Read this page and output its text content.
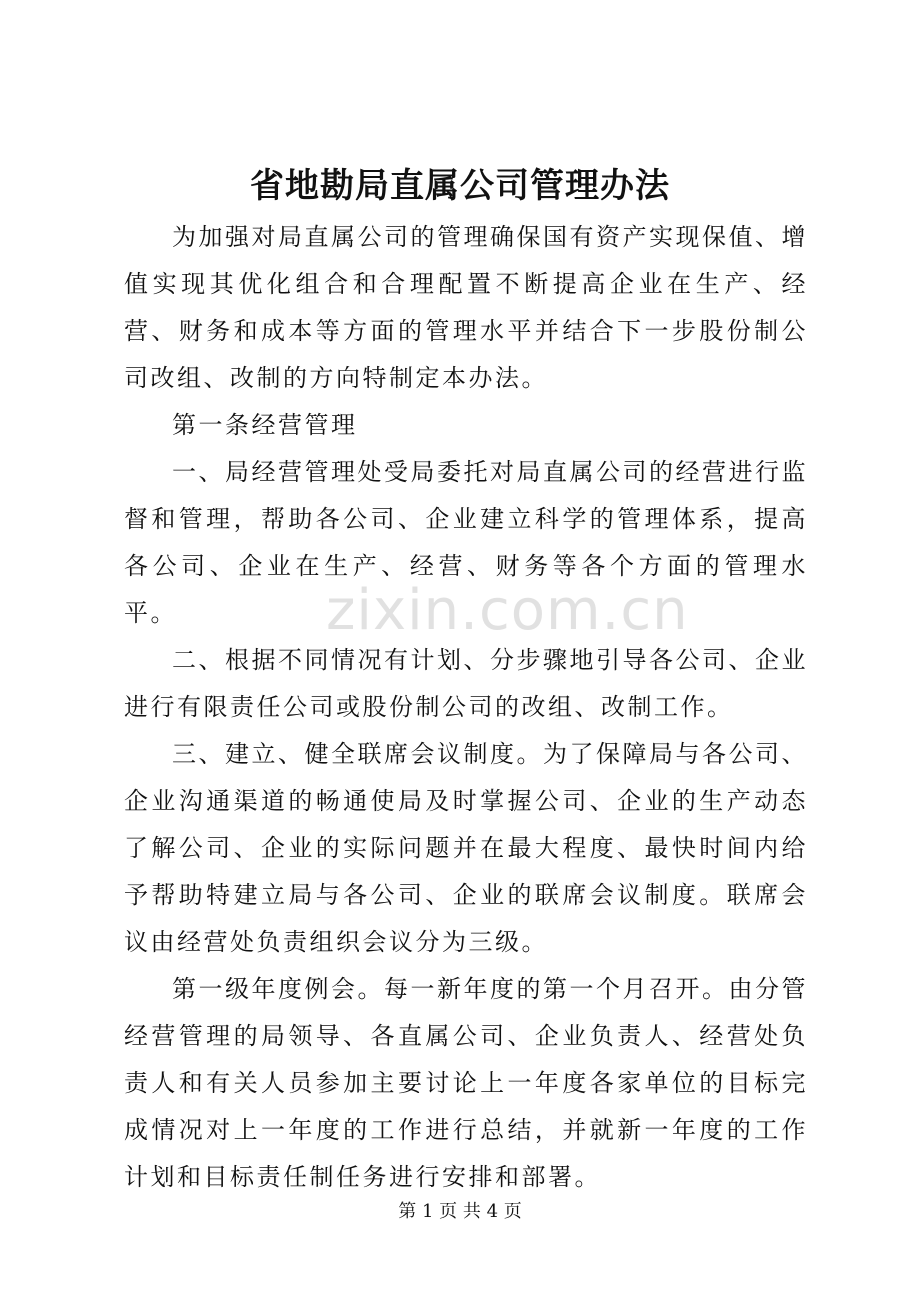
省地勘局直属公司管理办法

为加强对局直属公司的管理确保国有资产实现保值、增值实现其优化组合和合理配置不断提高企业在生产、经营、财务和成本等方面的管理水平并结合下一步股份制公司改组、改制的方向特制定本办法。

第一条经营管理

一、局经营管理处受局委托对局直属公司的经营进行监督和管理，帮助各公司、企业建立科学的管理体系，提高各公司、企业在生产、经营、财务等各个方面的管理水平。

二、根据不同情况有计划、分步骤地引导各公司、企业进行有限责任公司或股份制公司的改组、改制工作。

三、建立、健全联席会议制度。为了保障局与各公司、企业沟通渠道的畅通使局及时掌握公司、企业的生产动态了解公司、企业的实际问题并在最大程度、最快时间内给予帮助特建立局与各公司、企业的联席会议制度。联席会议由经营处负责组织会议分为三级。

第一级年度例会。每一新年度的第一个月召开。由分管经营管理的局领导、各直属公司、企业负责人、经营处负责人和有关人员参加主要讨论上一年度各家单位的目标完成情况对上一年度的工作进行总结，并就新一年度的工作计划和目标责任制任务进行安排和部署。

zixin.com.cn
第 1 页 共 4 页
